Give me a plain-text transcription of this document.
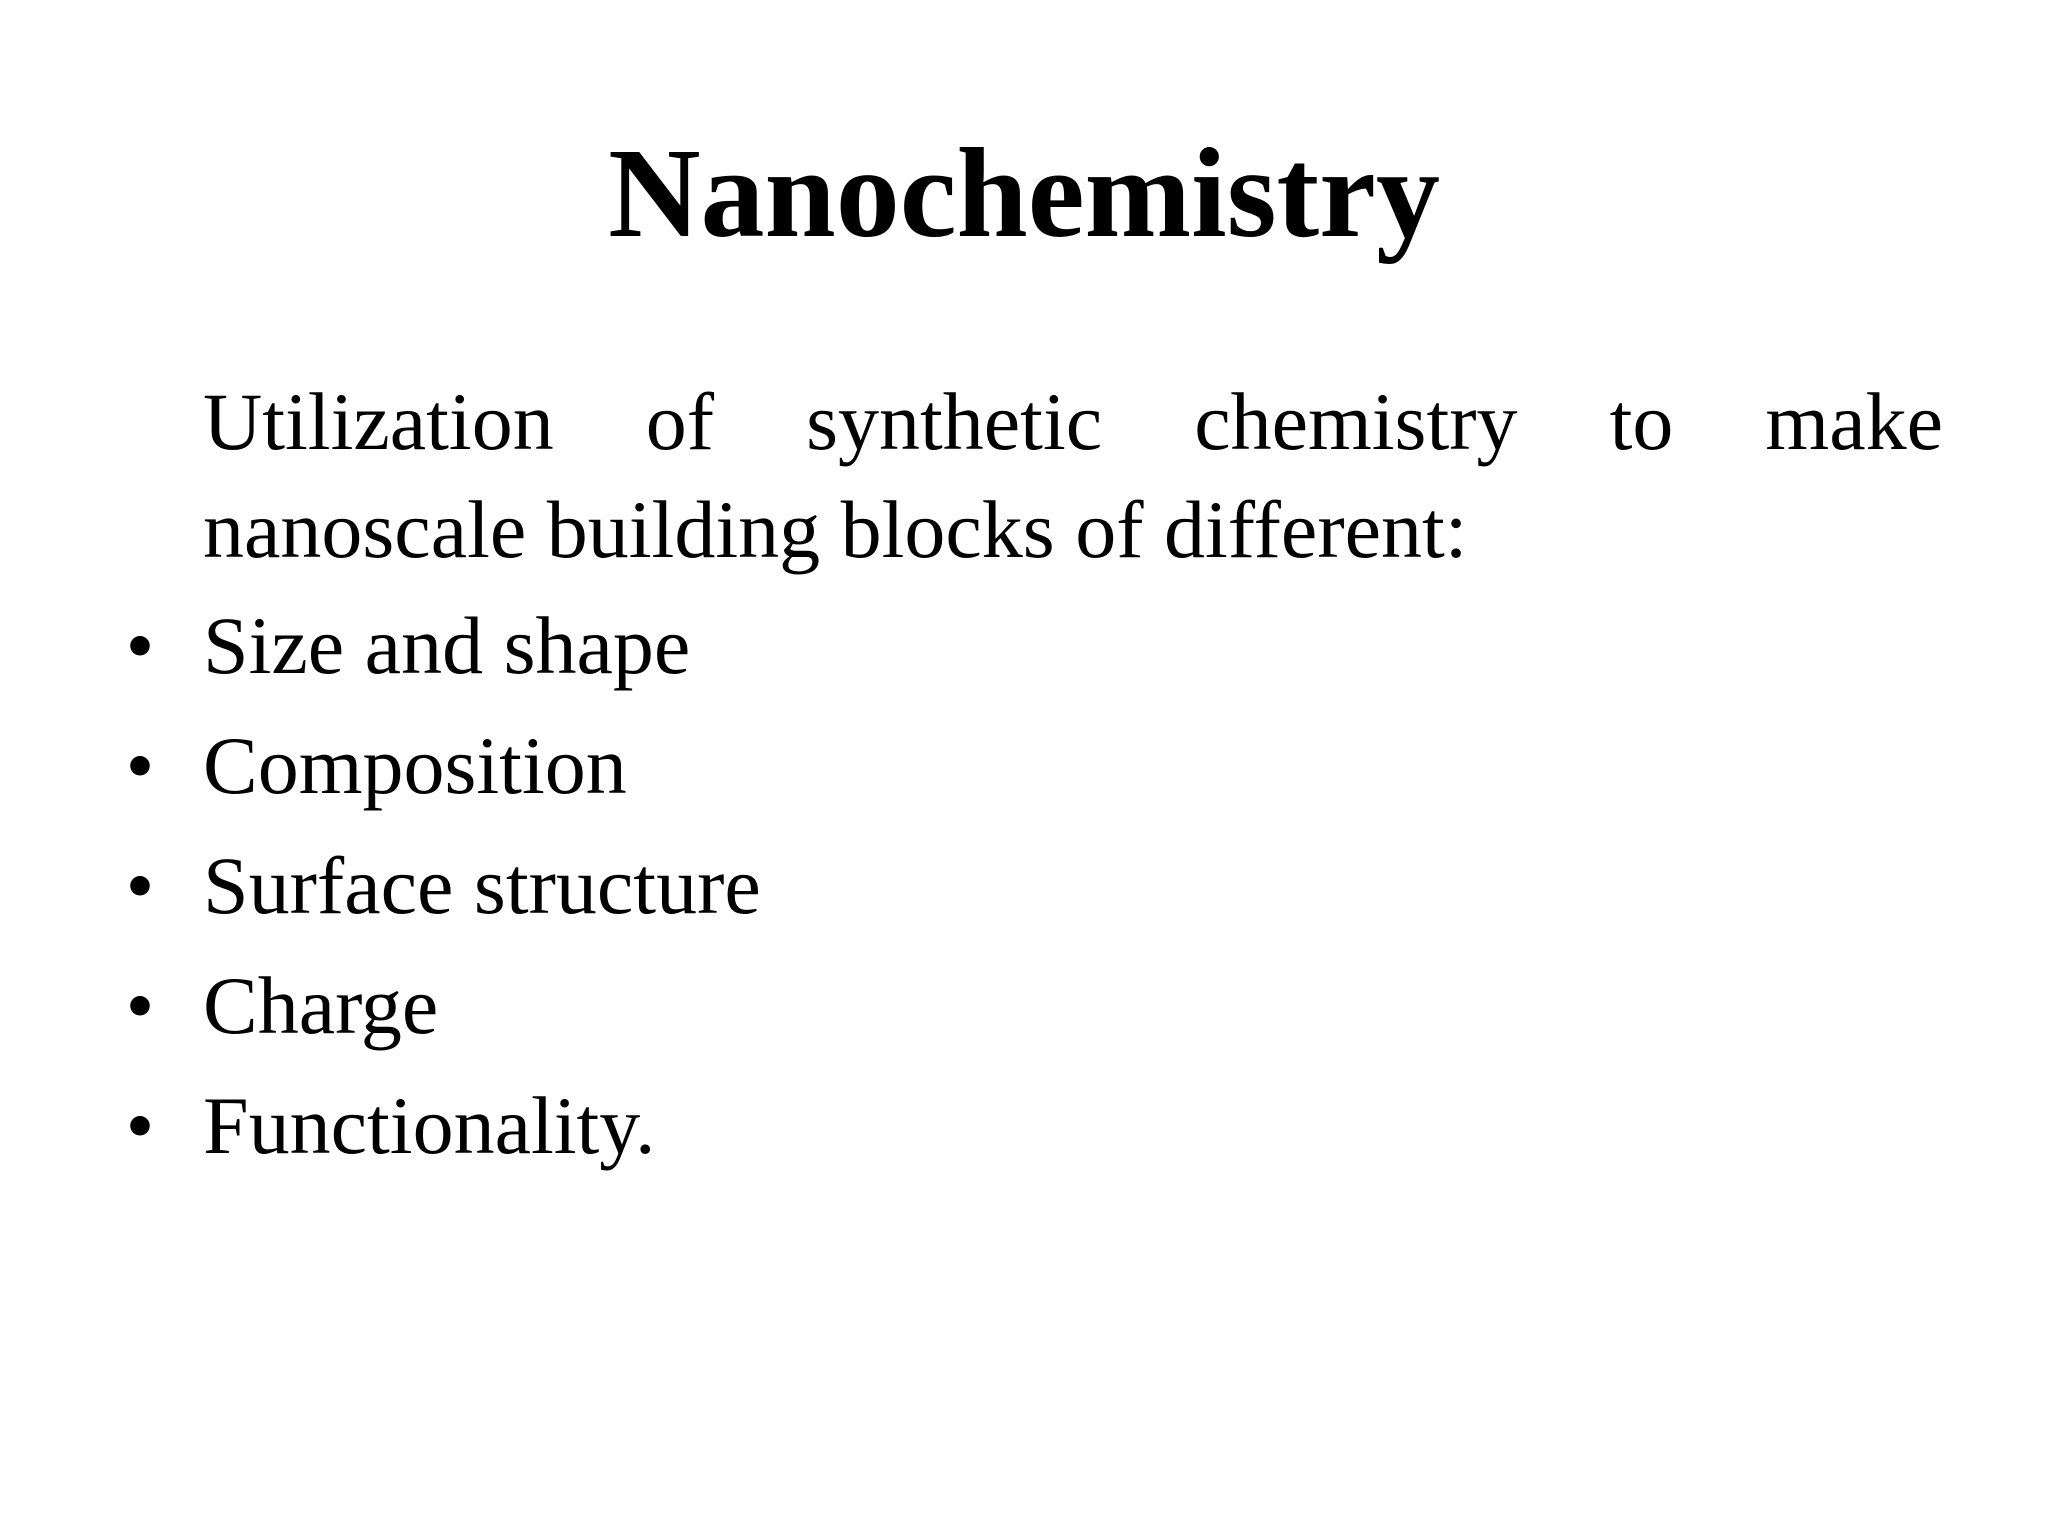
Nanochemistry

Utilization of synthetic chemistry to make
nanoscale building blocks of different:

• Size and shape
• Composition
• Surface structure
• Charge
• Functionality.
